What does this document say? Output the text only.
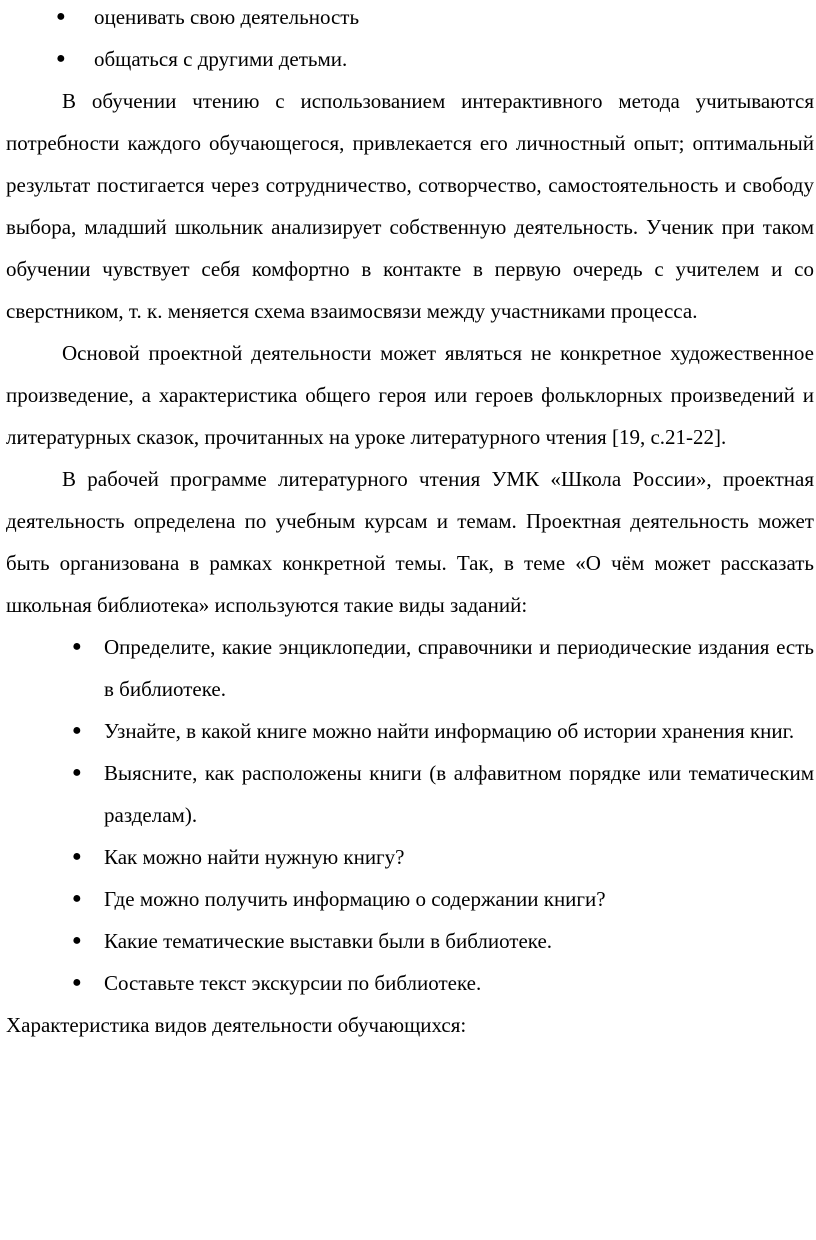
● оценивать свою деятельность
● общаться с другими детьми.

В обучении чтению с использованием интерактивного метода учитываются потребности каждого обучающегося, привлекается его личностный опыт; оптимальный результат постигается через сотрудничество, сотворчество, самостоятельность и свободу выбора, младший школьник анализирует собственную деятельность. Ученик при таком обучении чувствует себя комфортно в контакте в первую очередь с учителем и со сверстником, т. к. меняется схема взаимосвязи между участниками процесса.

Основой проектной деятельности может являться не конкретное художественное произведение, а характеристика общего героя или героев фольклорных произведений и литературных сказок, прочитанных на уроке литературного чтения [19, с.21-22].

В рабочей программе литературного чтения УМК «Школа России», проектная деятельность определена по учебным курсам и темам. Проектная деятельность может быть организована в рамках конкретной темы. Так, в теме «О чём может рассказать школьная библиотека» используются такие виды заданий:

● Определите, какие энциклопедии, справочники и периодические издания есть в библиотеке.
● Узнайте, в какой книге можно найти информацию об истории хранения книг.
● Выясните, как расположены книги (в алфавитном порядке или тематическим разделам).
● Как можно найти нужную книгу?
● Где можно получить информацию о содержании книги?
● Какие тематические выставки были в библиотеке.
● Составьте текст экскурсии по библиотеке.

Характеристика видов деятельности обучающихся:
